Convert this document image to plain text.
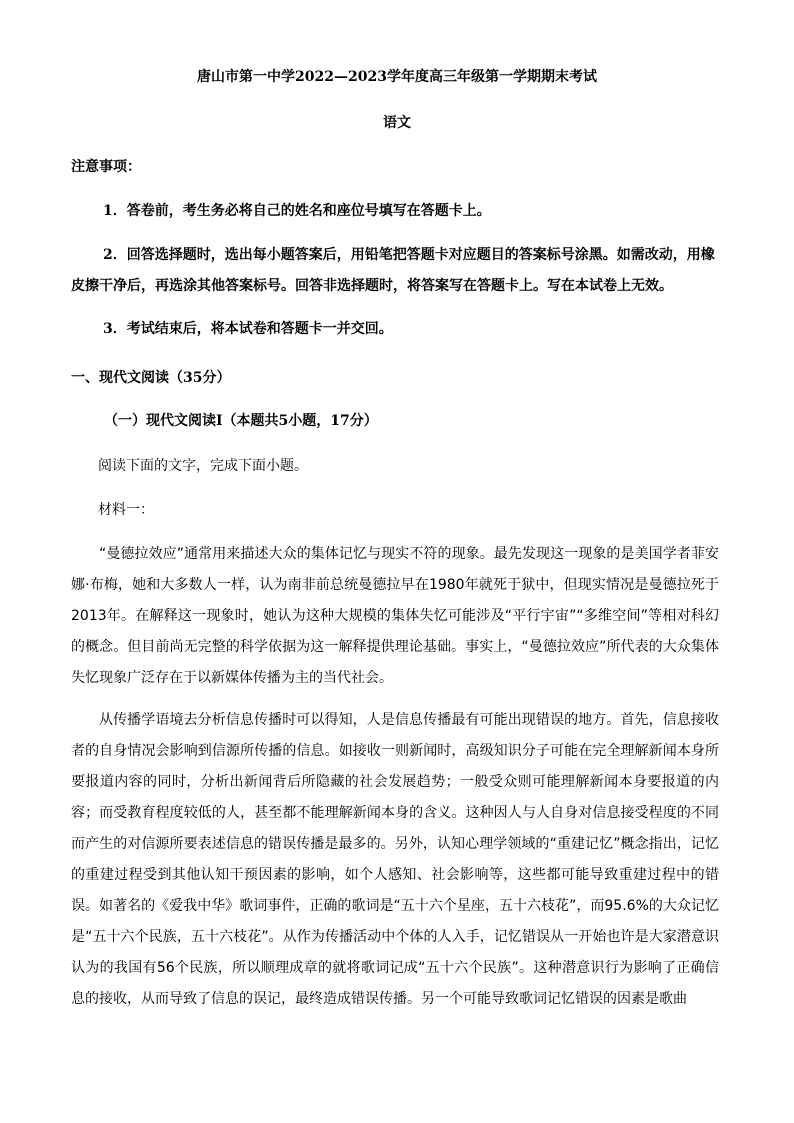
唐山市第一中学2022—2023学年度高三年级第一学期期末考试
语文
注意事项：
1．答卷前，考生务必将自己的姓名和座位号填写在答题卡上。
2．回答选择题时，选出每小题答案后，用铅笔把答题卡对应题目的答案标号涂黑。如需改动，用橡皮擦干净后，再选涂其他答案标号。回答非选择题时，将答案写在答题卡上。写在本试卷上无效。
3．考试结束后，将本试卷和答题卡一并交回。
一、现代文阅读（35分）
（一）现代文阅读Ⅰ（本题共5小题，17分）
阅读下面的文字，完成下面小题。
材料一：
“曼德拉效应”通常用来描述大众的集体记忆与现实不符的现象。最先发现这一现象的是美国学者菲安娜·布梅，她和大多数人一样，认为南非前总统曼德拉早在1980年就死于狱中，但现实情况是曼德拉死于2013年。在解释这一现象时，她认为这种大规模的集体失忆可能涉及“平行宇宙”“多维空间”等相对科幻的概念。但目前尚无完整的科学依据为这一解释提供理论基础。事实上，“曼德拉效应”所代表的大众集体失忆现象广泛存在于以新媒体传播为主的当代社会。
从传播学语境去分析信息传播时可以得知，人是信息传播最有可能出现错误的地方。首先，信息接收者的自身情况会影响到信源所传播的信息。如接收一则新闻时，高级知识分子可能在完全理解新闻本身所要报道内容的同时，分析出新闻背后所隐藏的社会发展趋势；一般受众则可能理解新闻本身要报道的内容；而受教育程度较低的人，甚至都不能理解新闻本身的含义。这种因人与人自身对信息接受程度的不同而产生的对信源所要表述信息的错误传播是最多的。另外，认知心理学领域的“重建记忆”概念指出，记忆的重建过程受到其他认知干预因素的影响，如个人感知、社会影响等，这些都可能导致重建过程中的错误。如著名的《爱我中华》歌词事件，正确的歌词是“五十六个星座，五十六枝花”，而95.6%的大众记忆是“五十六个民族，五十六枝花”。从作为传播活动中个体的人入手，记忆错误从一开始也许是大家潜意识认为的我国有56个民族，所以顺理成章的就将歌词记成“五十六个民族”。这种潜意识行为影响了正确信息的接收，从而导致了信息的误记，最终造成错误传播。另一个可能导致歌词记忆错误的因素是歌曲
